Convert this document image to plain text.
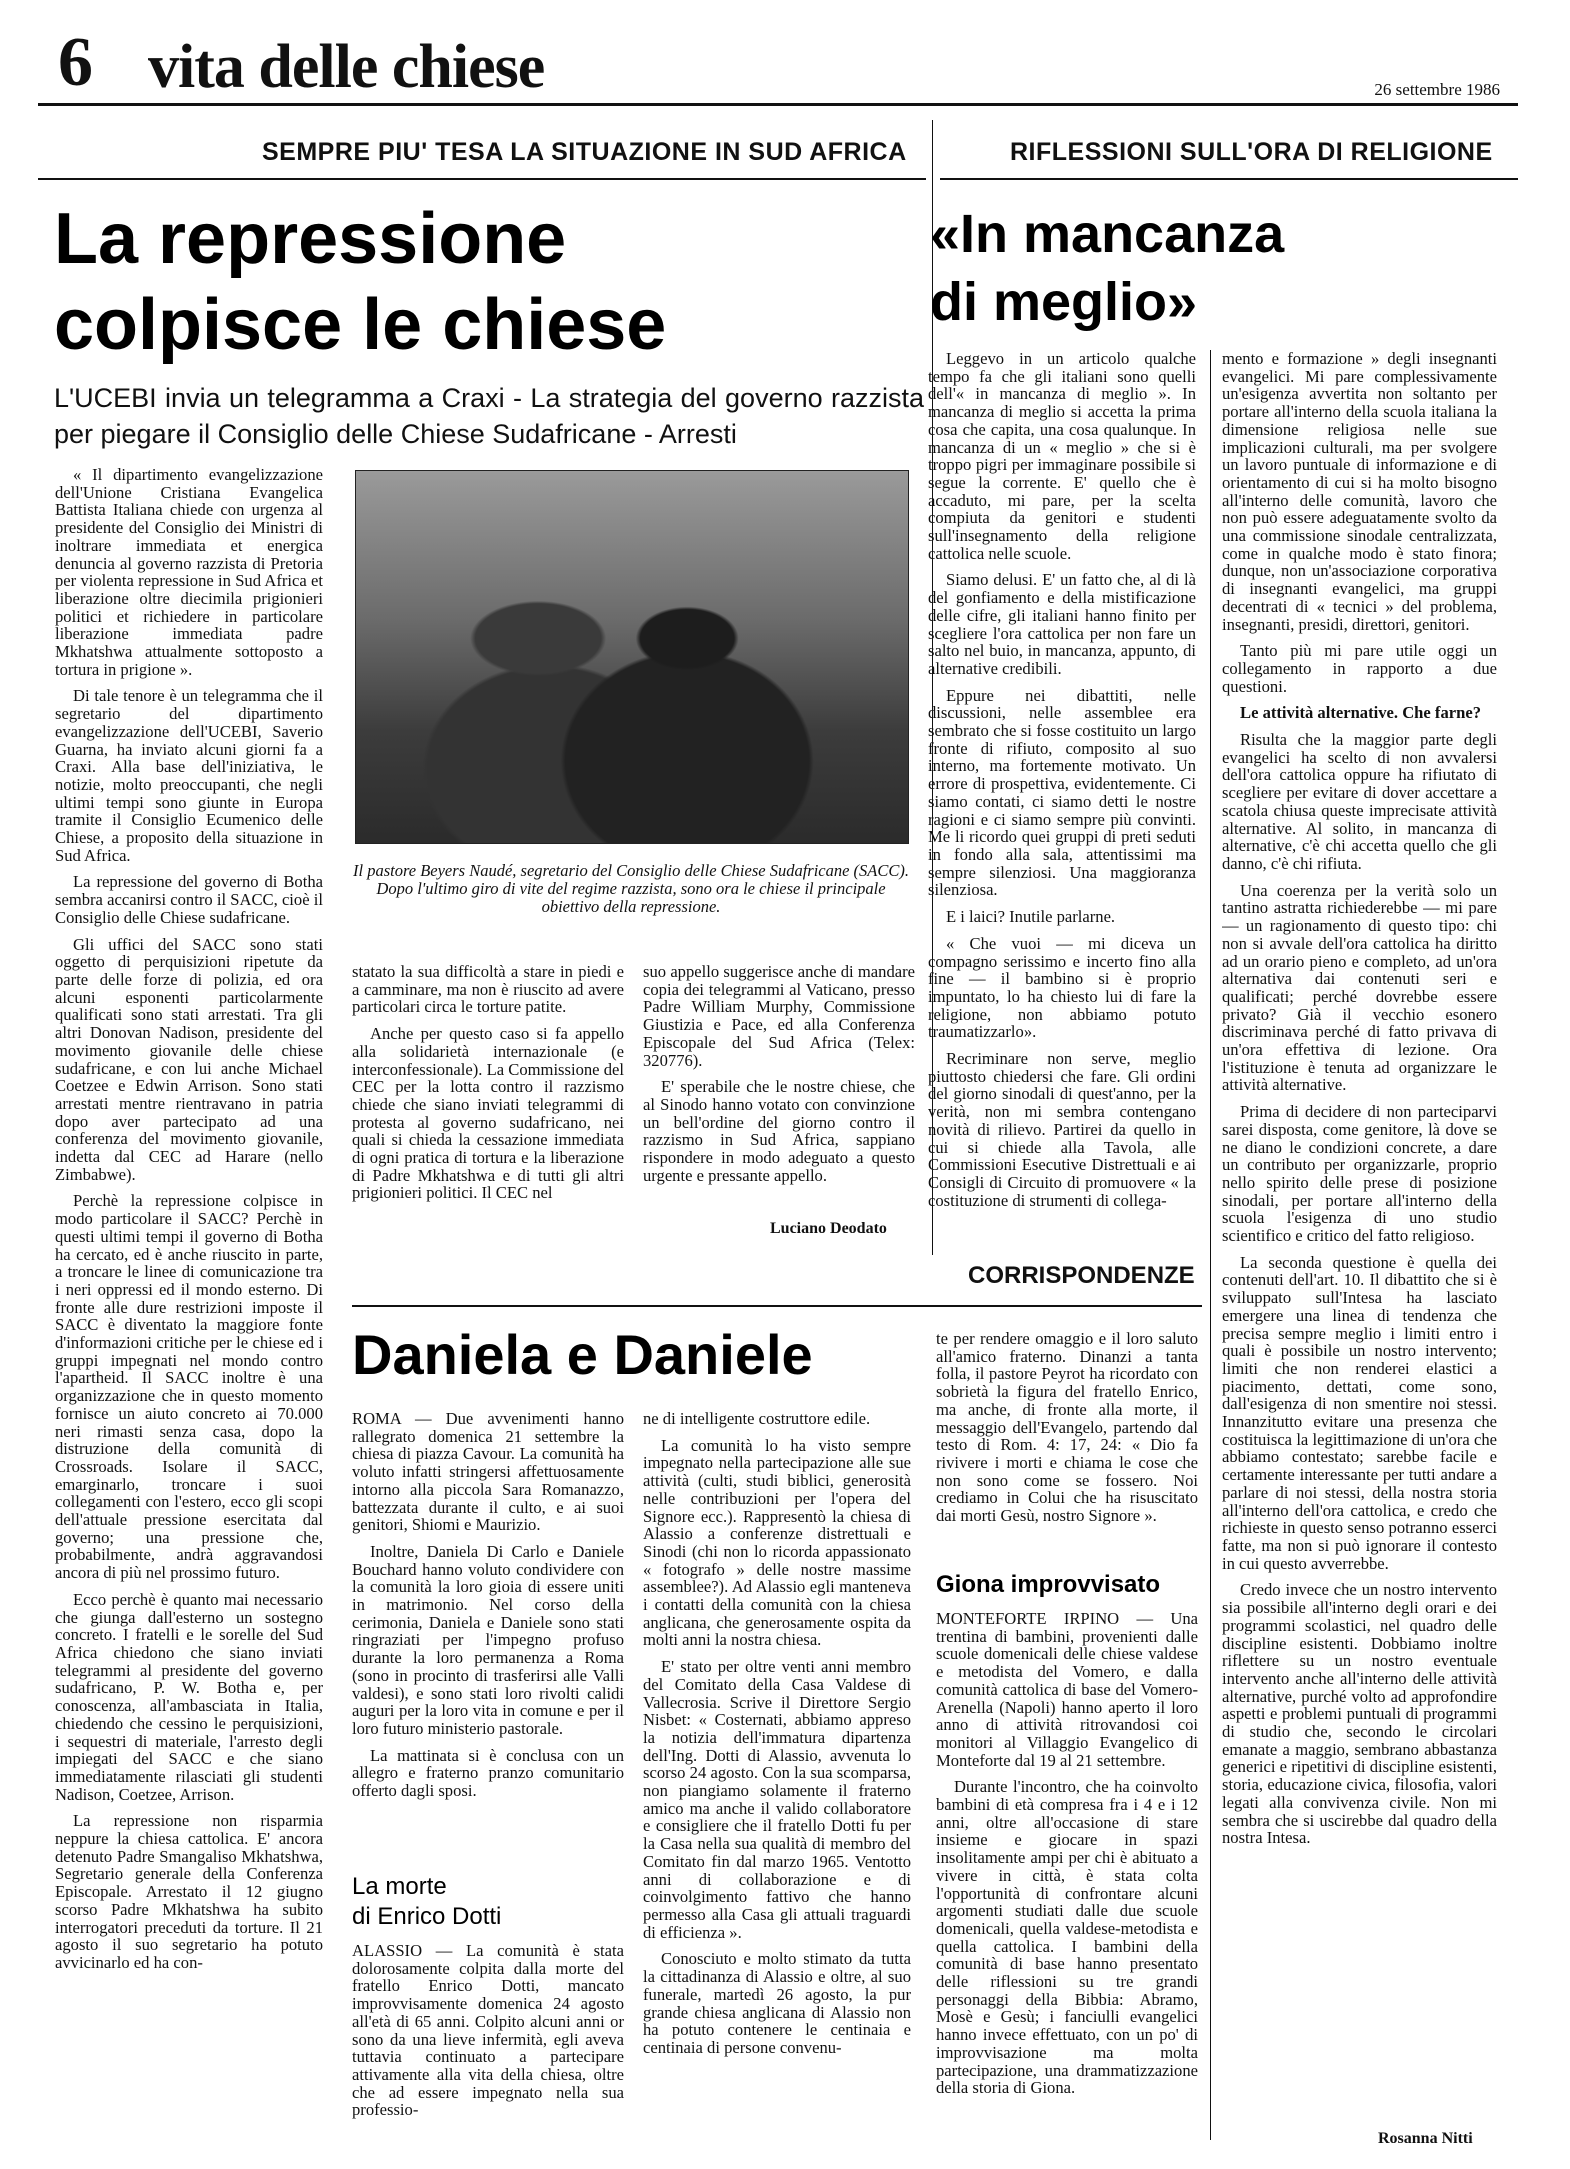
6 vita delle chiese	26 settembre 1986
SEMPRE PIU' TESA LA SITUAZIONE IN SUD AFRICA
La repressione
colpisce le chiese
L'UCEBI invia un telegramma a Craxi - La strategia del governo razzista per piegare il Consiglio delle Chiese Sudafricane - Arresti

« Il dipartimento evangelizzazione dell'Unione Cristiana Evangelica Battista Italiana chiede con urgenza al presidente del Consiglio dei Ministri di inoltrare immediata et energica denuncia al governo razzista di Pretoria per violenta repressione in Sud Africa et liberazione oltre diecimila prigionieri politici et richiedere in particolare liberazione immediata padre Mkhatshwa attualmente sottoposto a tortura in prigione ».

Di tale tenore è un telegramma che il segretario del dipartimento evangelizzazione dell'UCEBI, Saverio Guarna, ha inviato alcuni giorni fa a Craxi. Alla base dell'iniziativa, le notizie, molto preoccupanti, che negli ultimi tempi sono giunte in Europa tramite il Consiglio Ecumenico delle Chiese, a proposito della situazione in Sud Africa.

La repressione del governo di Botha sembra accanirsi contro il SACC, cioè il Consiglio delle Chiese sudafricane.

Gli uffici del SACC sono stati oggetto di perquisizioni ripetute da parte delle forze di polizia, ed ora alcuni esponenti particolarmente qualificati sono stati arrestati. Tra gli altri Donovan Nadison, presidente del movimento giovanile delle chiese sudafricane, e con lui anche Michael Coetzee e Edwin Arrison. Sono stati arrestati mentre rientravano in patria dopo aver partecipato ad una conferenza del movimento giovanile, indetta dal CEC ad Harare (nello Zimbabwe).

Perchè la repressione colpisce in modo particolare il SACC? Perchè in questi ultimi tempi il governo di Botha ha cercato, ed è anche riuscito in parte, a troncare le linee di comunicazione tra i neri oppressi ed il mondo esterno. Di fronte alle dure restrizioni imposte il SACC è diventato la maggiore fonte d'informazioni critiche per le chiese ed i gruppi impegnati nel mondo contro l'apartheid. Il SACC inoltre è una organizzazione che in questo momento fornisce un aiuto concreto ai 70.000 neri rimasti senza casa, dopo la distruzione della comunità di Crossroads. Isolare il SACC, emarginarlo, troncare i suoi collegamenti con l'estero, ecco gli scopi dell'attuale pressione esercitata dal governo; una pressione che, probabilmente, andrà aggravandosi ancora di più nel prossimo futuro.

Ecco perchè è quanto mai necessario che giunga dall'esterno un sostegno concreto. I fratelli e le sorelle del Sud Africa chiedono che siano inviati telegrammi al presidente del governo sudafricano, P. W. Botha e, per conoscenza, all'ambasciata in Italia, chiedendo che cessino le perquisizioni, i sequestri di materiale, l'arresto degli impiegati del SACC e che siano immediatamente rilasciati gli studenti Nadison, Coetzee, Arrison.

La repressione non risparmia neppure la chiesa cattolica. E' ancora detenuto Padre Smangaliso Mkhatshwa, Segretario generale della Conferenza Episcopale. Arrestato il 12 giugno scorso Padre Mkhatshwa ha subito interrogatori preceduti da torture. Il 21 agosto il suo segretario ha potuto avvicinarlo ed ha con-

Il pastore Beyers Naudé, segretario del Consiglio delle Chiese Sudafricane (SACC). Dopo l'ultimo giro di vite del regime razzista, sono ora le chiese il principale obiettivo della repressione.

statato la sua difficoltà a stare in piedi e a camminare, ma non è riuscito ad avere particolari circa le torture patite.

Anche per questo caso si fa appello alla solidarietà internazionale (e interconfessionale). La Commissione del CEC per la lotta contro il razzismo chiede che siano inviati telegrammi di protesta al governo sudafricano, nei quali si chieda la cessazione immediata di ogni pratica di tortura e la liberazione di Padre Mkhatshwa e di tutti gli altri prigionieri politici. Il CEC nel

suo appello suggerisce anche di mandare copia dei telegrammi al Vaticano, presso Padre William Murphy, Commissione Giustizia e Pace, ed alla Conferenza Episcopale del Sud Africa (Telex: 320776).

E' sperabile che le nostre chiese, che al Sinodo hanno votato con convinzione un bell'ordine del giorno contro il razzismo in Sud Africa, sappiano rispondere in modo adeguato a questo urgente e pressante appello.

Luciano Deodato
RIFLESSIONI SULL'ORA DI RELIGIONE
«In mancanza
di meglio»

Leggevo in un articolo qualche tempo fa che gli italiani sono quelli dell'« in mancanza di meglio ». In mancanza di meglio si accetta la prima cosa che capita, una cosa qualunque. In mancanza di un « meglio » che si è troppo pigri per immaginare possibile si segue la corrente. E' quello che è accaduto, mi pare, per la scelta compiuta da genitori e studenti sull'insegnamento della religione cattolica nelle scuole.

Siamo delusi. E' un fatto che, al di là del gonfiamento e della mistificazione delle cifre, gli italiani hanno finito per scegliere l'ora cattolica per non fare un salto nel buio, in mancanza, appunto, di alternative credibili.

Eppure nei dibattiti, nelle discussioni, nelle assemblee era sembrato che si fosse costituito un largo fronte di rifiuto, composito al suo interno, ma fortemente motivato. Un errore di prospettiva, evidentemente. Ci siamo contati, ci siamo detti le nostre ragioni e ci siamo sempre più convinti. Me li ricordo quei gruppi di preti seduti in fondo alla sala, attentissimi ma sempre silenziosi. Una maggioranza silenziosa.

E i laici? Inutile parlarne.

« Che vuoi — mi diceva un compagno serissimo e incerto fino alla fine — il bambino si è proprio impuntato, lo ha chiesto lui di fare la religione, non abbiamo potuto traumatizzarlo».

Recriminare non serve, meglio piuttosto chiedersi che fare. Gli ordini del giorno sinodali di quest'anno, per la verità, non mi sembra contengano novità di rilievo. Partirei da quello in cui si chiede alla Tavola, alle Commissioni Esecutive Distrettuali e ai Consigli di Circuito di promuovere « la costituzione di strumenti di collega-

mento e formazione » degli insegnanti evangelici. Mi pare complessivamente un'esigenza avvertita non soltanto per portare all'interno della scuola italiana la dimensione religiosa nelle sue implicazioni culturali, ma per svolgere un lavoro puntuale di informazione e di orientamento di cui si ha molto bisogno all'interno delle comunità, lavoro che non può essere adeguatamente svolto da una commissione sinodale centralizzata, come in qualche modo è stato finora; dunque, non un'associazione corporativa di insegnanti evangelici, ma gruppi decentrati di « tecnici » del problema, insegnanti, presidi, direttori, genitori.

Tanto più mi pare utile oggi un collegamento in rapporto a due questioni.

Le attività alternative. Che farne?

Risulta che la maggior parte degli evangelici ha scelto di non avvalersi dell'ora cattolica oppure ha rifiutato di scegliere per evitare di dover accettare a scatola chiusa queste imprecisate attività alternative. Al solito, in mancanza di alternative, c'è chi accetta quello che gli danno, c'è chi rifiuta.

Una coerenza per la verità solo un tantino astratta richiederebbe — mi pare — un ragionamento di questo tipo: chi non si avvale dell'ora cattolica ha diritto ad un orario pieno e completo, ad un'ora alternativa dai contenuti seri e qualificati; perché dovrebbe essere privato? Già il vecchio esonero discriminava perché di fatto privava di un'ora effettiva di lezione. Ora l'istituzione è tenuta ad organizzare le attività alternative.

Prima di decidere di non parteciparvi sarei disposta, come genitore, là dove se ne diano le condizioni concrete, a dare un contributo per organizzarle, proprio nello spirito delle prese di posizione sinodali, per portare all'interno della scuola l'esigenza di uno studio scientifico e critico del fatto religioso.

La seconda questione è quella dei contenuti dell'art. 10. Il dibattito che si è sviluppato sull'Intesa ha lasciato emergere una linea di tendenza che precisa sempre meglio i limiti entro i quali è possibile un nostro intervento; limiti che non renderei elastici a piacimento, dettati, come sono, dall'esigenza di non smentire noi stessi. Innanzitutto evitare una presenza che costituisca la legittimazione di un'ora che abbiamo contestato; sarebbe facile e certamente interessante per tutti andare a parlare di noi stessi, della nostra storia all'interno dell'ora cattolica, e credo che richieste in questo senso potranno esserci fatte, ma non si può ignorare il contesto in cui questo avverrebbe.

Credo invece che un nostro intervento sia possibile all'interno degli orari e dei programmi scolastici, nel quadro delle discipline esistenti. Dobbiamo inoltre riflettere su un nostro eventuale intervento anche all'interno delle attività alternative, purché volto ad approfondire aspetti e problemi puntuali di programmi di studio che, secondo le circolari emanate a maggio, sembrano abbastanza generici e ripetitivi di discipline esistenti, storia, educazione civica, filosofia, valori legati alla convivenza civile. Non mi sembra che si uscirebbe dal quadro della nostra Intesa.

Rosanna Nitti
CORRISPONDENZE
Daniela e Daniele

ROMA — Due avvenimenti hanno rallegrato domenica 21 settembre la chiesa di piazza Cavour. La comunità ha voluto infatti stringersi affettuosamente intorno alla piccola Sara Romanazzo, battezzata durante il culto, e ai suoi genitori, Shiomi e Maurizio.

Inoltre, Daniela Di Carlo e Daniele Bouchard hanno voluto condividere con la comunità la loro gioia di essere uniti in matrimonio. Nel corso della cerimonia, Daniela e Daniele sono stati ringraziati per l'impegno profuso durante la loro permanenza a Roma (sono in procinto di trasferirsi alle Valli valdesi), e sono stati loro rivolti calidi auguri per la loro vita in comune e per il loro futuro ministerio pastorale.

La mattinata si è conclusa con un allegro e fraterno pranzo comunitario offerto dagli sposi.

La morte
di Enrico Dotti

ALASSIO — La comunità è stata dolorosamente colpita dalla morte del fratello Enrico Dotti, mancato improvvisamente domenica 24 agosto all'età di 65 anni. Colpito alcuni anni or sono da una lieve infermità, egli aveva tuttavia continuato a partecipare attivamente alla vita della chiesa, oltre che ad essere impegnato nella sua professio-

ne di intelligente costruttore edile.

La comunità lo ha visto sempre impegnato nella partecipazione alle sue attività (culti, studi biblici, generosità nelle contribuzioni per l'opera del Signore ecc.). Rappresentò la chiesa di Alassio a conferenze distrettuali e Sinodi (chi non lo ricorda appassionato « fotografo » delle nostre massime assemblee?). Ad Alassio egli manteneva i contatti della comunità con la chiesa anglicana, che generosamente ospita da molti anni la nostra chiesa.

E' stato per oltre venti anni membro del Comitato della Casa Valdese di Vallecrosia. Scrive il Direttore Sergio Nisbet: « Costernati, abbiamo appreso la notizia dell'immatura dipartenza dell'Ing. Dotti di Alassio, avvenuta lo scorso 24 agosto. Con la sua scomparsa, non piangiamo solamente il fraterno amico ma anche il valido collaboratore e consigliere che il fratello Dotti fu per la Casa nella sua qualità di membro del Comitato fin dal marzo 1965. Ventotto anni di collaborazione e di coinvolgimento fattivo che hanno permesso alla Casa gli attuali traguardi di efficienza ».

Conosciuto e molto stimato da tutta la cittadinanza di Alassio e oltre, al suo funerale, martedì 26 agosto, la pur grande chiesa anglicana di Alassio non ha potuto contenere le centinaia e centinaia di persone convenu-

te per rendere omaggio e il loro saluto all'amico fraterno. Dinanzi a tanta folla, il pastore Peyrot ha ricordato con sobrietà la figura del fratello Enrico, ma anche, di fronte alla morte, il messaggio dell'Evangelo, partendo dal testo di Rom. 4: 17, 24: « Dio fa rivivere i morti e chiama le cose che non sono come se fossero. Noi crediamo in Colui che ha risuscitato dai morti Gesù, nostro Signore ».

Giona improvvisato

MONTEFORTE IRPINO — Una trentina di bambini, provenienti dalle scuole domenicali delle chiese valdese e metodista del Vomero, e dalla comunità cattolica di base del Vomero-Arenella (Napoli) hanno aperto il loro anno di attività ritrovandosi coi monitori al Villaggio Evangelico di Monteforte dal 19 al 21 settembre.

Durante l'incontro, che ha coinvolto bambini di età compresa fra i 4 e i 12 anni, oltre all'occasione di stare insieme e giocare in spazi insolitamente ampi per chi è abituato a vivere in città, è stata colta l'opportunità di confrontare alcuni argomenti studiati dalle due scuole domenicali, quella valdese-metodista e quella cattolica. I bambini della comunità di base hanno presentato delle riflessioni su tre grandi personaggi della Bibbia: Abramo, Mosè e Gesù; i fanciulli evangelici hanno invece effettuato, con un po' di improvvisazione ma molta partecipazione, una drammatizzazione della storia di Giona.
